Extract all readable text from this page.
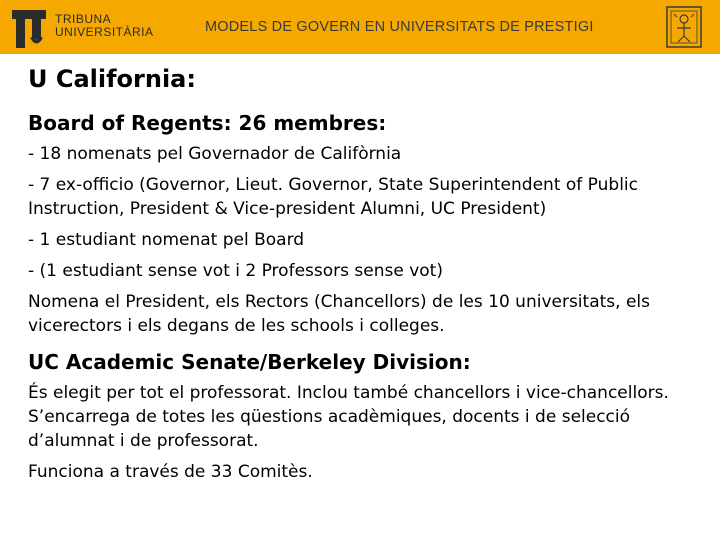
TRIBUNA
UNIVERSITÀRIA	MODELS DE GOVERN EN UNIVERSITATS DE PRESTIGI
U California:
Board of Regents: 26 membres:
- 18 nomenats pel Governador de Califòrnia
- 7 ex-officio (Governor, Lieut. Governor, State Superintendent of Public Instruction, President & Vice-president Alumni, UC President)
- 1 estudiant nomenat pel Board
- (1 estudiant sense vot i 2 Professors sense vot)
Nomena el President, els Rectors (Chancellors) de les 10 universitats, els vicerectors i els degans de les schools i colleges.
UC Academic Senate/Berkeley Division:
És elegit per tot el professorat. Inclou també chancellors i vice-chancellors. S’encarrega de totes les qüestions acadèmiques, docents i de selecció d’alumnat i de professorat.
Funciona a través de 33 Comitès.
